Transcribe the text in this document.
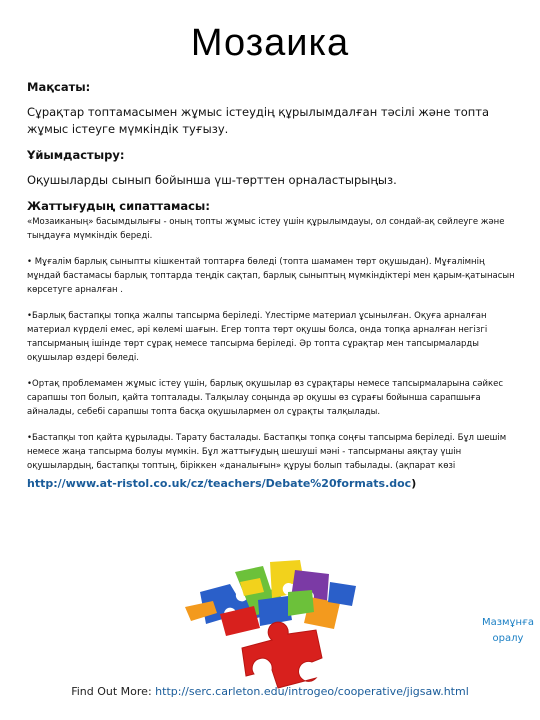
Мозаика

Мақсаты:

Сұрақтар топтамасымен жұмыс істеудің құрылымдалған тәсілі және топта жұмыс істеуге мүмкіндік туғызу.

Ұйымдастыру:

Оқушыларды сынып бойынша үш-төрттен орналастырыңыз.

Жаттығудың сипаттамасы:

«Мозаиканың» басымдылығы - оның топты жұмыс істеу үшін құрылымдауы, ол сондай-ақ сөйлеуге және тыңдауға мүмкіндік береді.

• Мұғалім барлық сыныпты кішкентай топтарға бөледі (топта шамамен төрт оқушыдан). Мұғалімнің мұндай бастамасы барлық топтарда теңдік сақтап, барлық сыныптың мүмкіндіктері мен қарым-қатынасын көрсетуге арналған .

•Барлық бастапқы топқа жалпы тапсырма беріледі. Үлестірме материал ұсынылған. Оқуға арналған материал күрделі емес, әрі көлемі шағын. Егер топта төрт оқушы болса, онда топқа арналған негізгі тапсырманың ішінде төрт сұрақ немесе тапсырма беріледі. Әр топта сұрақтар мен тапсырмаларды оқушылар өздері бөледі.

•Ортақ проблемамен жұмыс істеу үшін, барлық оқушылар өз сұрақтары немесе тапсырмаларына сәйкес сарапшы топ болып, қайта топталады. Талқылау соңында әр оқушы өз сұрағы бойынша сарапшыға айналады, себебі сарапшы топта басқа оқушылармен ол сұрақты талқылады.

•Бастапқы топ қайта құрылады. Тарату басталады. Бастапқы топқа соңғы тапсырма беріледі. Бұл шешім немесе жаңа тапсырма болуы мүмкін. Бұл жаттығудың шешуші мәні - тапсырманы аяқтау үшін оқушылардың, бастапқы топтың, біріккен «даналығын» құруы болып табылады. (ақпарат көзі

http://www.at-ristol.co.uk/cz/teachers/Debate%20formats.doc)

Мазмұнға оралу
Find Out More: http://serc.carleton.edu/introgeo/cooperative/jigsaw.html
